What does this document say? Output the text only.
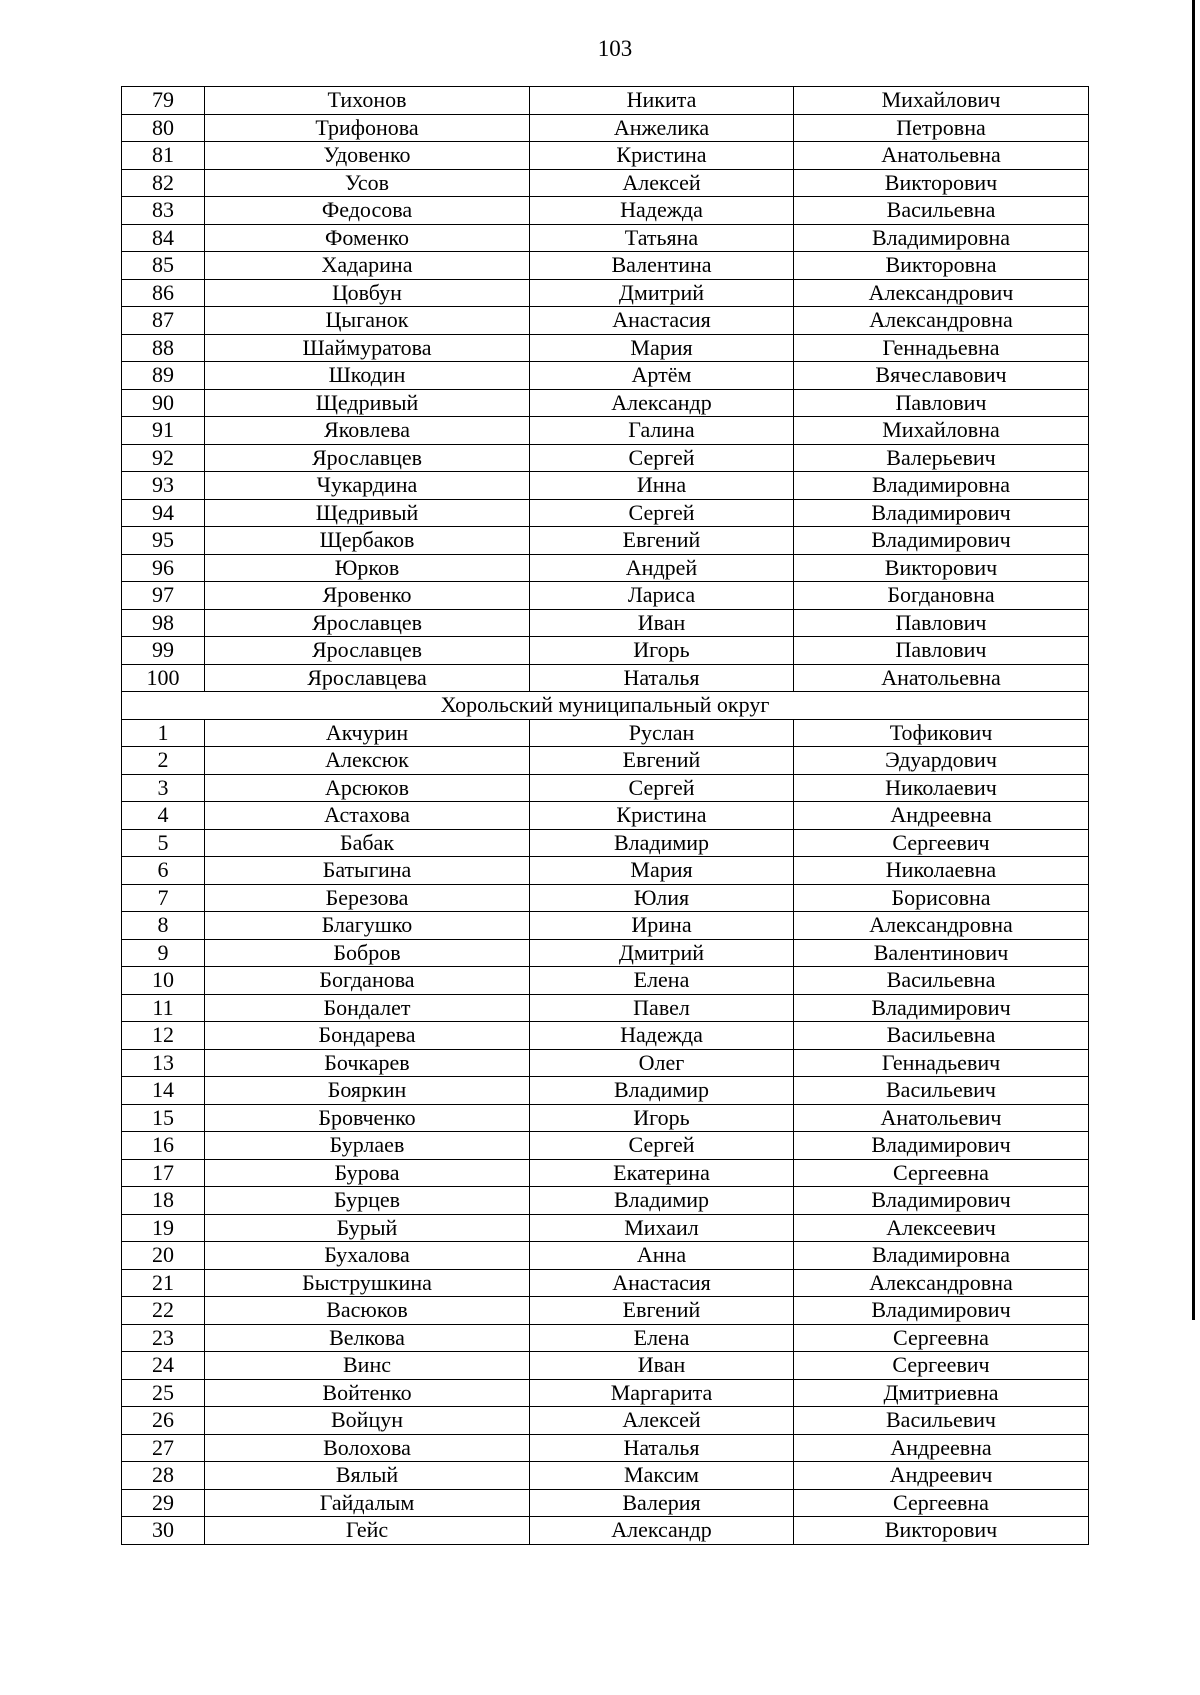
103
79	Тихонов	Никита	Михайлович
80	Трифонова	Анжелика	Петровна
81	Удовенко	Кристина	Анатольевна
82	Усов	Алексей	Викторович
83	Федосова	Надежда	Васильевна
84	Фоменко	Татьяна	Владимировна
85	Хадарина	Валентина	Викторовна
86	Цовбун	Дмитрий	Александрович
87	Цыганок	Анастасия	Александровна
88	Шаймуратова	Мария	Геннадьевна
89	Шкодин	Артём	Вячеславович
90	Щедривый	Александр	Павлович
91	Яковлева	Галина	Михайловна
92	Ярославцев	Сергей	Валерьевич
93	Чукардина	Инна	Владимировна
94	Щедривый	Сергей	Владимирович
95	Щербаков	Евгений	Владимирович
96	Юрков	Андрей	Викторович
97	Яровенко	Лариса	Богдановна
98	Ярославцев	Иван	Павлович
99	Ярославцев	Игорь	Павлович
100	Ярославцева	Наталья	Анатольевна
Хорольский муниципальный округ			
1	Акчурин	Руслан	Тофикович
2	Алексюк	Евгений	Эдуардович
3	Арсюков	Сергей	Николаевич
4	Астахова	Кристина	Андреевна
5	Бабак	Владимир	Сергеевич
6	Батыгина	Мария	Николаевна
7	Березова	Юлия	Борисовна
8	Благушко	Ирина	Александровна
9	Бобров	Дмитрий	Валентинович
10	Богданова	Елена	Васильевна
11	Бондалет	Павел	Владимирович
12	Бондарева	Надежда	Васильевна
13	Бочкарев	Олег	Геннадьевич
14	Бояркин	Владимир	Васильевич
15	Бровченко	Игорь	Анатольевич
16	Бурлаев	Сергей	Владимирович
17	Бурова	Екатерина	Сергеевна
18	Бурцев	Владимир	Владимирович
19	Бурый	Михаил	Алексеевич
20	Бухалова	Анна	Владимировна
21	Быструшкина	Анастасия	Александровна
22	Васюков	Евгений	Владимирович
23	Велкова	Елена	Сергеевна
24	Винс	Иван	Сергеевич
25	Войтенко	Маргарита	Дмитриевна
26	Войцун	Алексей	Васильевич
27	Волохова	Наталья	Андреевна
28	Вялый	Максим	Андреевич
29	Гайдалым	Валерия	Сергеевна
30	Гейс	Александр	Викторович
